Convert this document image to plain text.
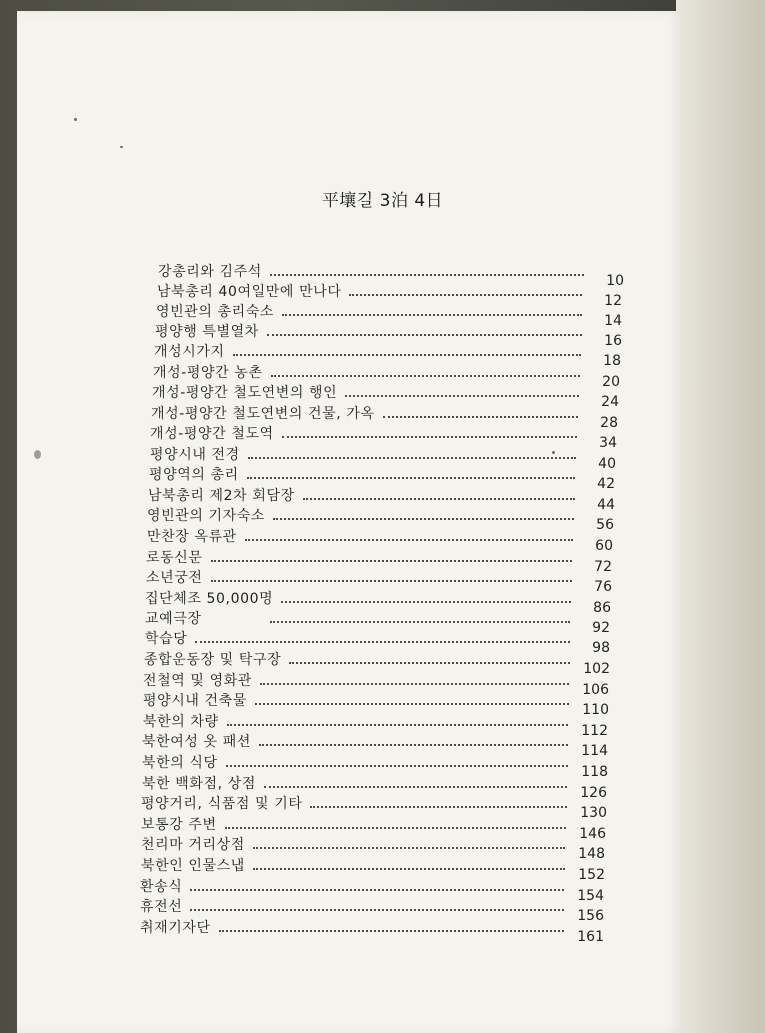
平壤길 3泊 4日
강총리와 김주석
10
남북총리 40여일만에 만나다
12
영빈관의 총리숙소
14
평양행 특별열차
16
개성시가지
18
개성-평양간 농촌
20
개성-평양간 철도연변의 행인
24
개성-평양간 철도연변의 건물, 가옥
28
개성-평양간 철도역
34
평양시내 전경
40
평양역의 총리
42
남북총리 제2차 회담장
44
영빈관의 기자숙소
56
만찬장 옥류관
60
로동신문
72
소년궁전
76
집단체조 50,000명
86
교예극장
92
학습당
98
종합운동장 및 탁구장
102
전철역 및 영화관
106
평양시내 건축물
110
북한의 차량
112
북한여성 옷 패션
114
북한의 식당
118
북한 백화점, 상점
126
평양거리, 식품점 및 기타
130
보통강 주변
146
천리마 거리상점
148
북한인 인물스냅
152
환송식
154
휴전선
156
취재기자단
161
